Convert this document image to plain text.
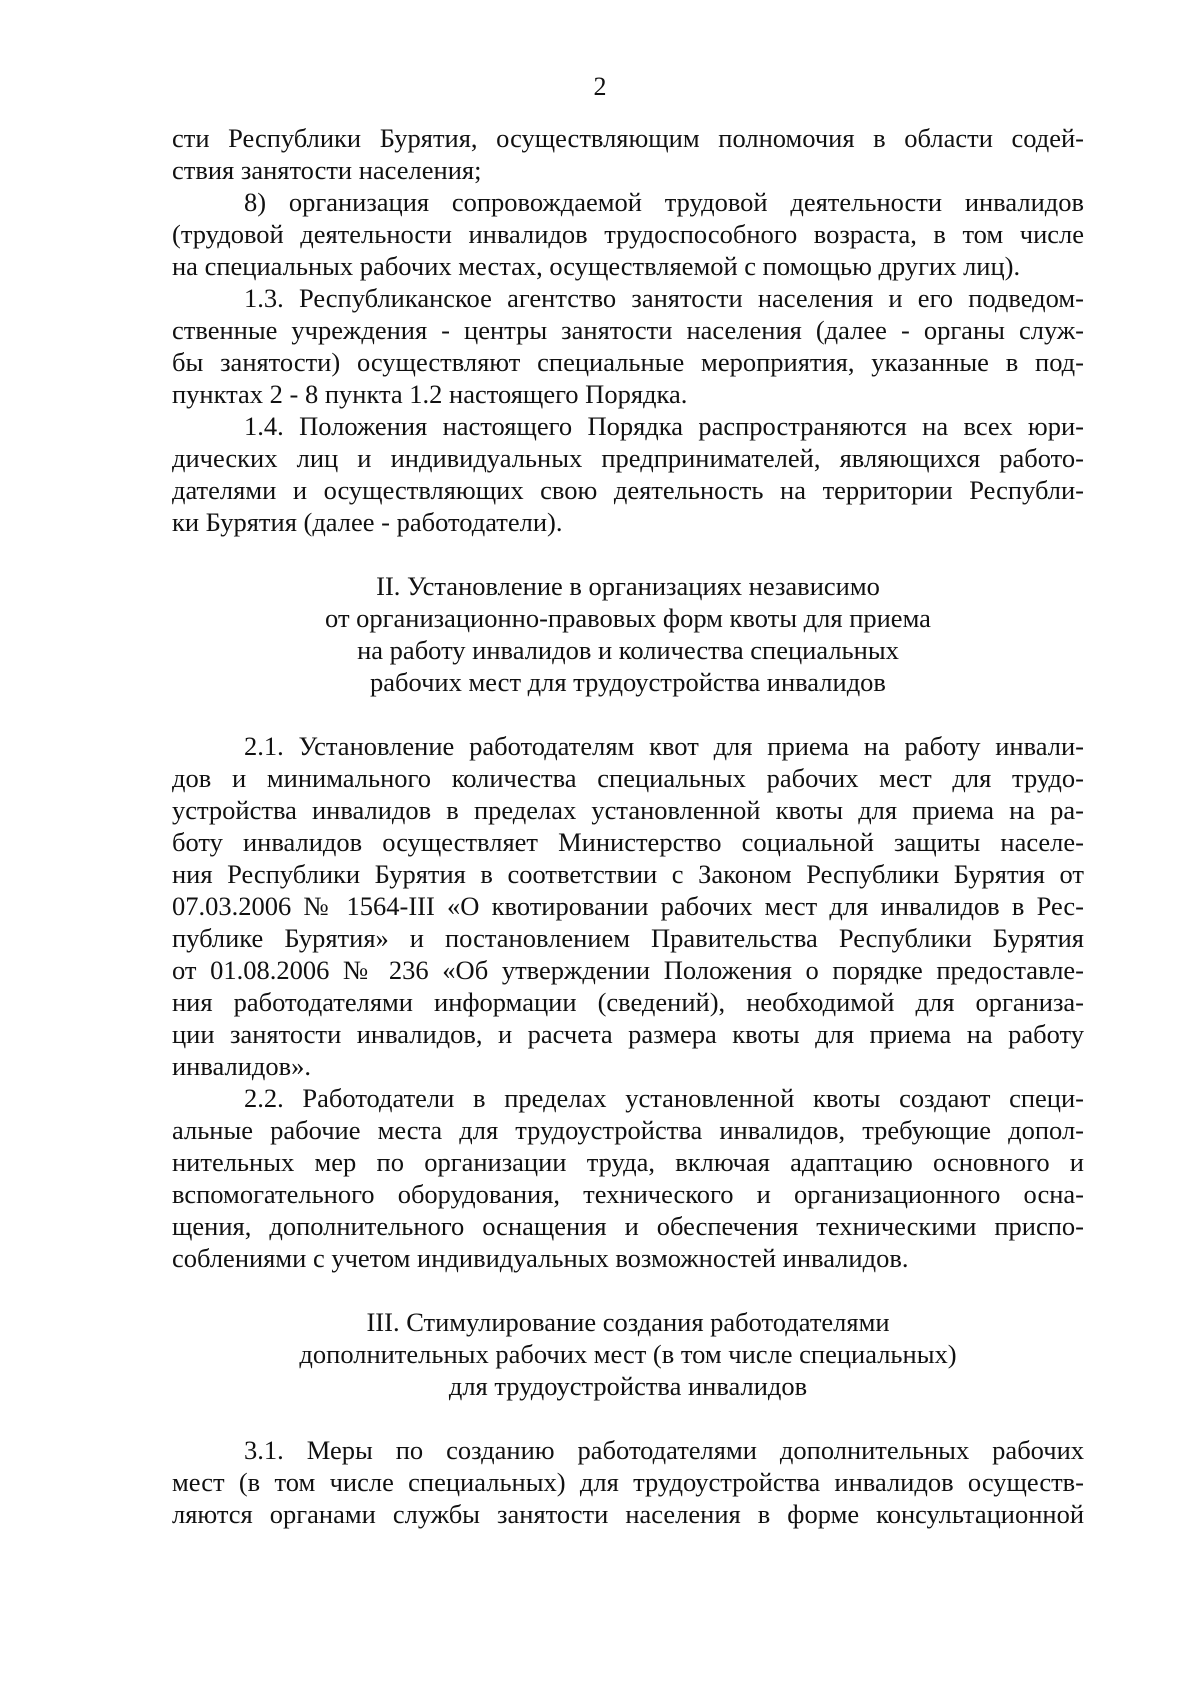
2
сти Республики Бурятия, осуществляющим полномочия в области содей-
ствия занятости населения;
8) организация сопровождаемой трудовой деятельности инвалидов
(трудовой деятельности инвалидов трудоспособного возраста, в том числе
на специальных рабочих местах, осуществляемой с помощью других лиц).
1.3. Республиканское агентство занятости населения и его подведом-
ственные учреждения - центры занятости населения (далее - органы служ-
бы занятости) осуществляют специальные мероприятия, указанные в под-
пунктах 2 - 8 пункта 1.2 настоящего Порядка.
1.4. Положения настоящего Порядка распространяются на всех юри-
дических лиц и индивидуальных предпринимателей, являющихся работо-
дателями и осуществляющих свою деятельность на территории Республи-
ки Бурятия (далее - работодатели).
II. Установление в организациях независимо
от организационно-правовых форм квоты для приема
на работу инвалидов и количества специальных
рабочих мест для трудоустройства инвалидов
2.1. Установление работодателям квот для приема на работу инвали-
дов и минимального количества специальных рабочих мест для трудо-
устройства инвалидов в пределах установленной квоты для приема на ра-
боту инвалидов осуществляет Министерство социальной защиты населе-
ния Республики Бурятия в соответствии с Законом Республики Бурятия от
07.03.2006 № 1564-III «О квотировании рабочих мест для инвалидов в Рес-
публике Бурятия» и постановлением Правительства Республики Бурятия
от 01.08.2006 № 236 «Об утверждении Положения о порядке предоставле-
ния работодателями информации (сведений), необходимой для организа-
ции занятости инвалидов, и расчета размера квоты для приема на работу
инвалидов».
2.2. Работодатели в пределах установленной квоты создают специ-
альные рабочие места для трудоустройства инвалидов, требующие допол-
нительных мер по организации труда, включая адаптацию основного и
вспомогательного оборудования, технического и организационного осна-
щения, дополнительного оснащения и обеспечения техническими приспо-
соблениями с учетом индивидуальных возможностей инвалидов.
III. Стимулирование создания работодателями
дополнительных рабочих мест (в том числе специальных)
для трудоустройства инвалидов
3.1. Меры по созданию работодателями дополнительных рабочих
мест (в том числе специальных) для трудоустройства инвалидов осуществ-
ляются органами службы занятости населения в форме консультационной
